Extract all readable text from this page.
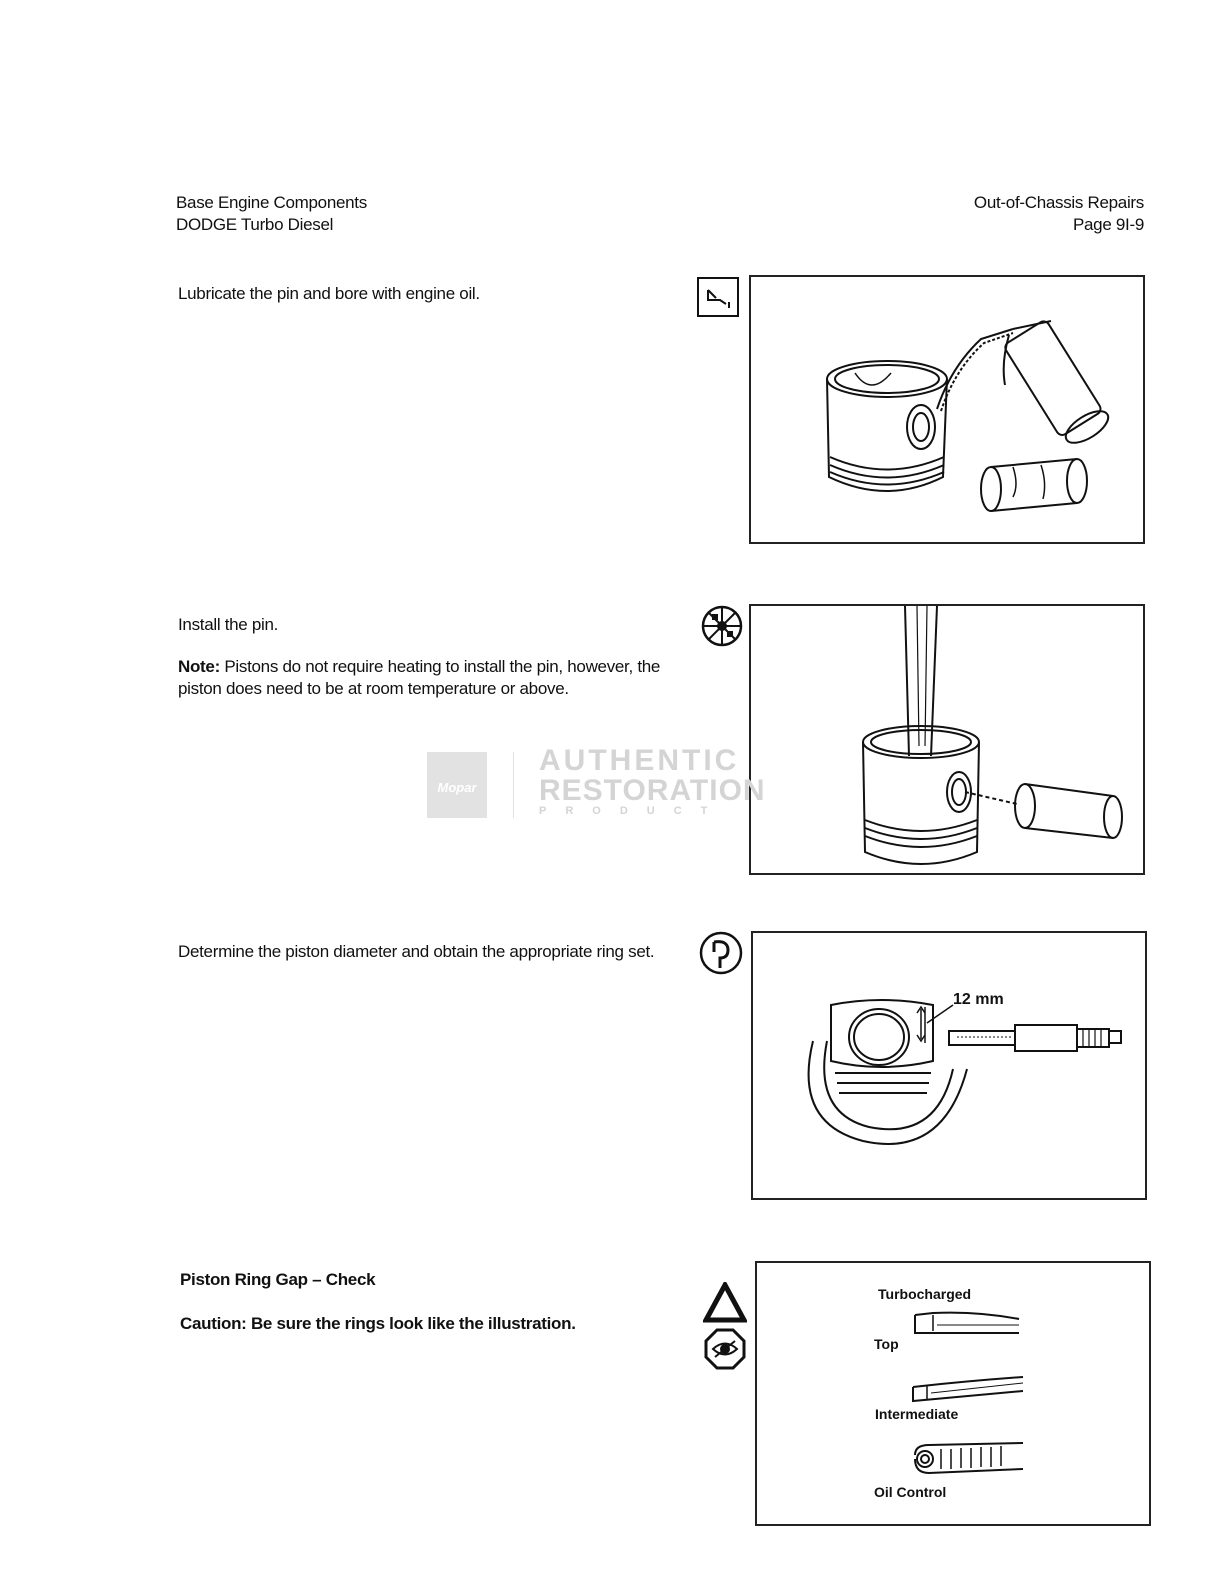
Base Engine Components
DODGE Turbo Diesel
Out-of-Chassis Repairs
Page 9I-9
Lubricate the pin and bore with engine oil.
Install the pin.
Note: Pistons do not require heating to install the pin, however, the piston does need to be at room temperature or above.
Mopar
AUTHENTIC
RESTORATION
PRODUCT
Determine the piston diameter and obtain the appropriate ring set.
12 mm
Piston Ring Gap – Check
Caution: Be sure the rings look like the illustration.
Turbocharged
Top
Intermediate
Oil Control
